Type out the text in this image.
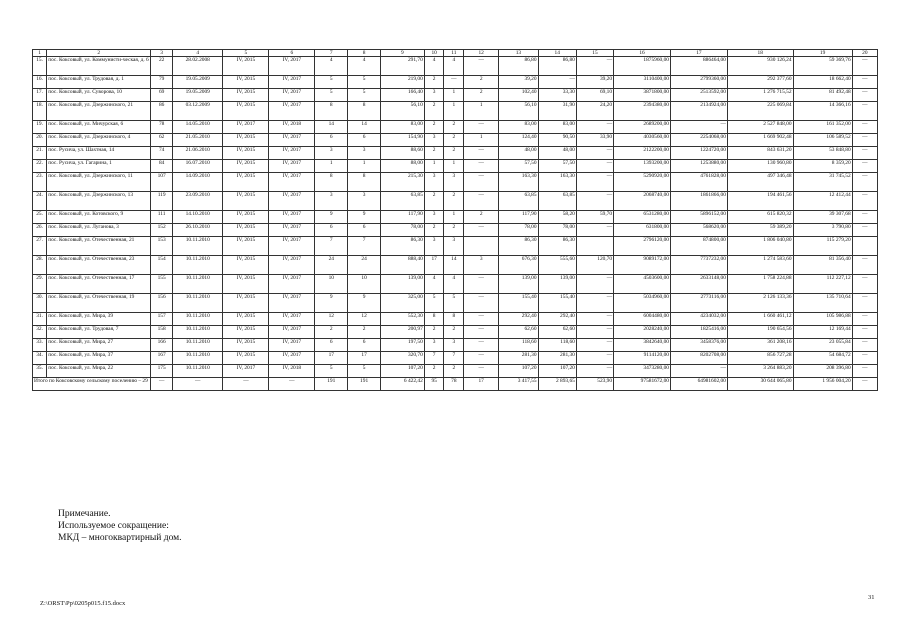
1	2	3	4	5	6	7	8	9	10	11	12	13	14	15	16	17	18	19	20
15.	пос. Коксовый, ул. Коммунисти-ческая, д. 6	22	28.02.2008	IV, 2015	IV, 2017	4	4	291,70	4	4	—	86,80	86,80	—	1875960,00	886464,00	930 126,24	59 369,76	—
16.	пос. Коксовый, ул. Трудовая, д. 1	79	19.05.2009	IV, 2015	IV, 2017	5	5	219,00	2	—	2	39,20	—	39,20	3110400,00	2799360,00	292 377,60	18 662,40	—
17.	пос. Коксовый, ул. Суворова, 10	69	19.05.2009	IV, 2015	IV, 2017	5	5	166,40	3	1	2	102,40	33,30	69,10	3871800,00	2513592,00	1 276 715,52	81 492,48	—
18.	пос. Коксовый, ул. Дзержинского, 21	86	03.12.2009	IV, 2015	IV, 2017	8	8	56,10	2	1	1	56,10	31,90	24,20	2394380,00	2134924,00	225 069,84	14 366,16	—
19.	пос. Коксовый, ул. Мичурская, 6	78	14.05.2010	IV, 2017	IV, 2018	14	14	83,00	2	2	—	83,00	83,00	—	2689200,00	—	2 527 848,00	161 352,00	—
20.	пос. Коксовый, ул. Дзержинского, 4	62	21.05.2010	IV, 2015	IV, 2017	6	6	154,90	3	2	1	124,40	90,50	33,90	4030560,00	2254068,00	1 669 902,48	106 589,52	—
21.	пос. Русича, ул. Шахтная, 14	74	21.06.2010	IV, 2015	IV, 2017	3	3	88,60	2	2	—	48,00	48,00	—	2122200,00	1224720,00	843 631,20	53 848,80	—
22.	пос. Русича, ул. Гагарина, 1	84	16.07.2010	IV, 2015	IV, 2017	1	1	88,00	1	1	—	57,50	57,50	—	1393200,00	1253880,00	130 960,80	8 359,20	—
23.	пос. Коксовый, ул. Дзержинского, 11	107	14.09.2010	IV, 2015	IV, 2017	8	8	215,30	3	3	—	163,30	163,30	—	5290920,00	4761828,00	497 346,48	31 745,52	—
24.	пос. Коксовый, ул. Дзержинского, 13	119	23.09.2010	IV, 2015	IV, 2017	3	3	63,85	2	2	—	63,85	63,85	—	2068740,00	1861866,00	194 461,56	12 412,44	—
25.	пос. Коксовый, ул. Котовского, 9	111	14.10.2010	IV, 2015	IV, 2017	9	9	117,90	3	1	2	117,90	58,20	59,70	6531280,00	5896152,00	615 820,32	39 307,68	—
26.	пос. Коксовый, ул. Луганова, 3	152	26.10.2010	IV, 2015	IV, 2017	6	6	78,00	2	2	—	78,00	78,00	—	631800,00	568620,00	59 389,20	3 790,80	—
27.	пос. Коксовый, ул. Отечественная, 21	153	10.11.2010	IV, 2015	IV, 2017	7	7	86,30	3	3		86,30	86,30		2796120,00	874800,00	1 806 040,80	115 279,20	
28.	пос. Коксовый, ул. Отечественная, 23	154	10.11.2010	IV, 2015	IV, 2017	24	24	888,40	17	14	3	676,30	555,60	120,70	9089172,00	7737232,00	1 274 583,60	81 356,40	—
29.	пос. Коксовый, ул. Отечественная, 17	155	10.11.2010	IV, 2015	IV, 2017	10	10	139,00	4	4	—	139,00	139,00	—	4503600,00	2633148,00	1 758 224,88	112 227,12	—
30.	пос. Коксовый, ул. Отечественная, 19	156	10.11.2010	IV, 2015	IV, 2017	9	9	325,00	5	5	—	155,40	155,40	—	5034960,00	2773116,00	2 126 133,36	135 710,64	—
31.	пос. Коксовый, ул. Мира, 39	157	10.11.2010	IV, 2015	IV, 2017	12	12	552,30	8	8	—	292,40	292,40	—	6004480,00	4234032,00	1 660 461,12	105 986,88	—
32.	пос. Коксовый, ул. Трудовая, 7	158	10.11.2010	IV, 2015	IV, 2017	2	2	200,97	2	2	—	62,60	62,60	—	2028240,00	1825416,00	190 654,56	12 169,44	—
33.	пос. Коксовый, ул. Мира, 27	166	10.11.2010	IV, 2015	IV, 2017	6	6	197,50	3	3	—	118,60	118,60	—	3842640,00	3458376,00	361 208,16	23 055,84	—
34.	пос. Коксовый, ул. Мира, 37	167	10.11.2010	IV, 2015	IV, 2017	17	17	320,70	7	7	—	281,30	281,30	—	9114120,00	8202708,00	856 727,28	54 684,72	—
35.	пос. Коксовый, ул. Мира, 22	175	10.11.2010	IV, 2017	IV, 2018	5	5	107,20	2	2	—	107,20	107,20	—	3473280,00	—	3 264 883,20	208 396,80	—
Итого по Коксовскому сельскому поселению – 29		—	—	—	—	191	191	6 422,42	95	78	17	3 417,55	2 893,65	523,90	97581672,00	64981602,00	30 644 065,80	1 956 004,20	—
Примечание.
Используемое сокращение:
МКД – многоквартирный дом.
Z:\ORST\Pp\0205p015.f15.docx
31
